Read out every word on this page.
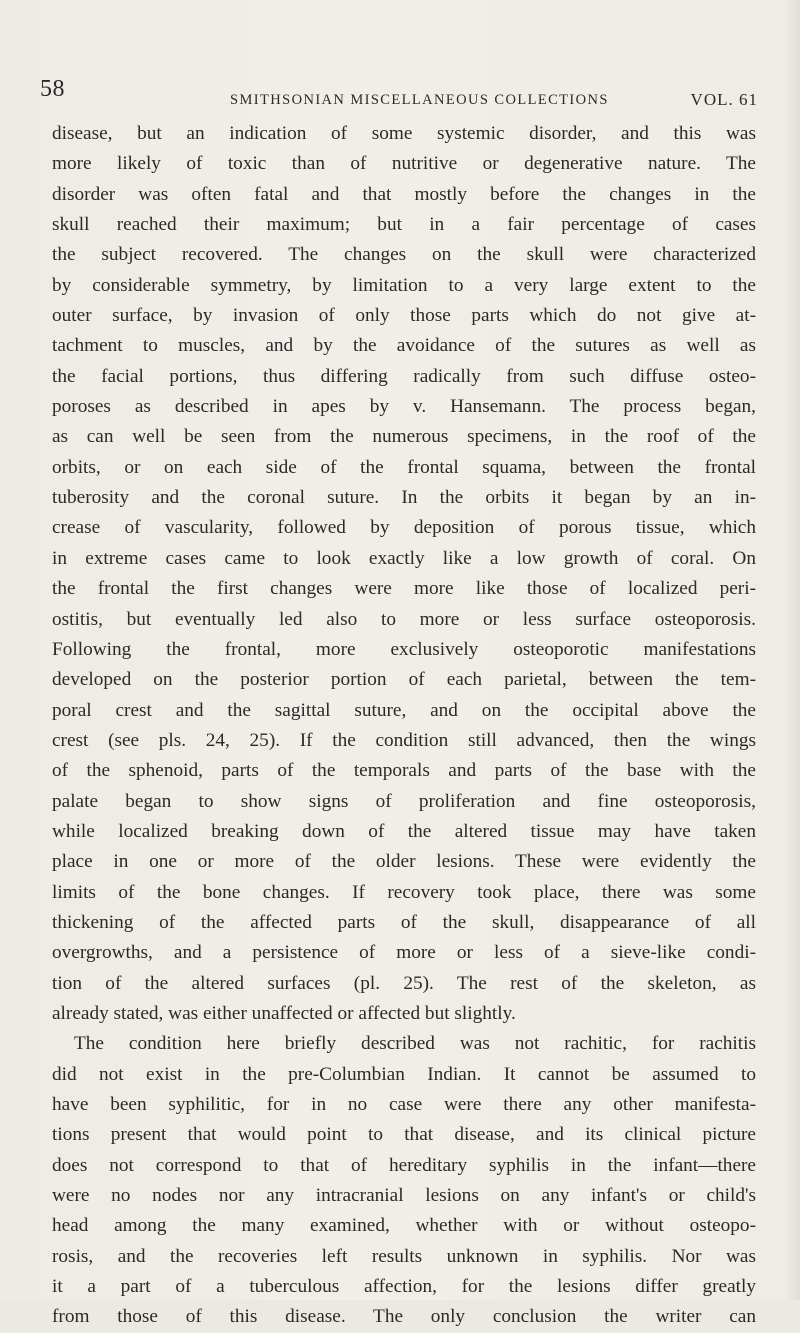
58	SMITHSONIAN MISCELLANEOUS COLLECTIONS	VOL. 61
disease, but an indication of some systemic disorder, and this was
more likely of toxic than of nutritive or degenerative nature. The
disorder was often fatal and that mostly before the changes in the
skull reached their maximum; but in a fair percentage of cases
the subject recovered. The changes on the skull were characterized
by considerable symmetry, by limitation to a very large extent to the
outer surface, by invasion of only those parts which do not give at-
tachment to muscles, and by the avoidance of the sutures as well as
the facial portions, thus differing radically from such diffuse osteo-
poroses as described in apes by v. Hansemann. The process began,
as can well be seen from the numerous specimens, in the roof of the
orbits, or on each side of the frontal squama, between the frontal
tuberosity and the coronal suture. In the orbits it began by an in-
crease of vascularity, followed by deposition of porous tissue, which
in extreme cases came to look exactly like a low growth of coral. On
the frontal the first changes were more like those of localized peri-
ostitis, but eventually led also to more or less surface osteoporosis.
Following the frontal, more exclusively osteoporotic manifestations
developed on the posterior portion of each parietal, between the tem-
poral crest and the sagittal suture, and on the occipital above the
crest (see pls. 24, 25). If the condition still advanced, then the wings
of the sphenoid, parts of the temporals and parts of the base with the
palate began to show signs of proliferation and fine osteoporosis,
while localized breaking down of the altered tissue may have taken
place in one or more of the older lesions. These were evidently the
limits of the bone changes. If recovery took place, there was some
thickening of the affected parts of the skull, disappearance of all
overgrowths, and a persistence of more or less of a sieve-like condi-
tion of the altered surfaces (pl. 25). The rest of the skeleton, as
already stated, was either unaffected or affected but slightly.
The condition here briefly described was not rachitic, for rachitis
did not exist in the pre-Columbian Indian. It cannot be assumed to
have been syphilitic, for in no case were there any other manifesta-
tions present that would point to that disease, and its clinical picture
does not correspond to that of hereditary syphilis in the infant—there
were no nodes nor any intracranial lesions on any infant's or child's
head among the many examined, whether with or without osteopo-
rosis, and the recoveries left results unknown in syphilis. Nor was
it a part of a tuberculous affection, for the lesions differ greatly
from those of this disease. The only conclusion the writer can
